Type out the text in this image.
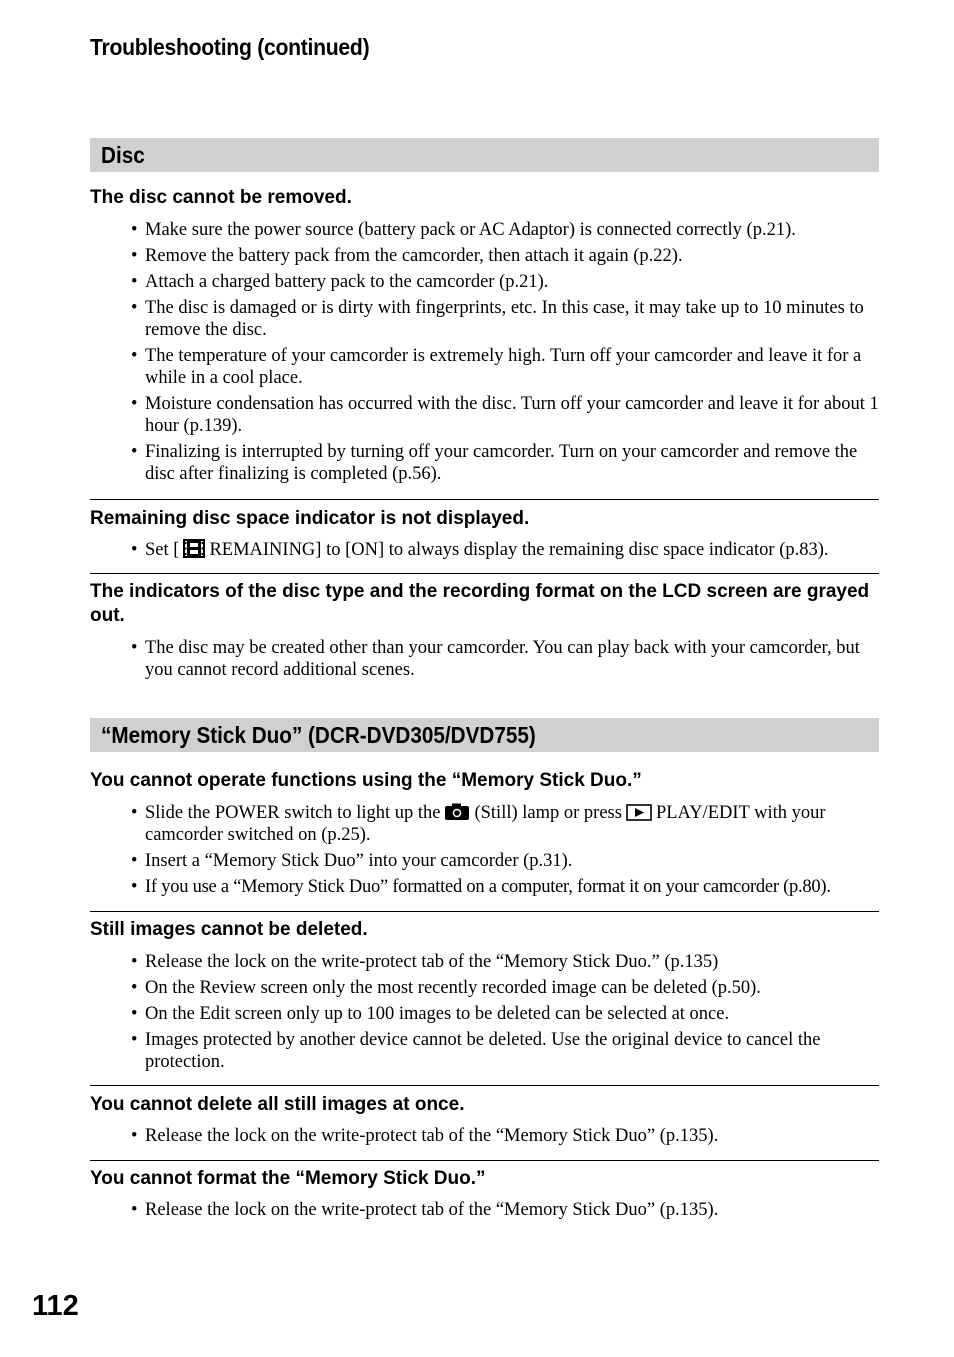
Troubleshooting (continued)
Disc
The disc cannot be removed.
• Make sure the power source (battery pack or AC Adaptor) is connected correctly (p.21).
• Remove the battery pack from the camcorder, then attach it again (p.22).
• Attach a charged battery pack to the camcorder (p.21).
• The disc is damaged or is dirty with fingerprints, etc. In this case, it may take up to 10 minutes to remove the disc.
• The temperature of your camcorder is extremely high. Turn off your camcorder and leave it for a while in a cool place.
• Moisture condensation has occurred with the disc. Turn off your camcorder and leave it for about 1 hour (p.139).
• Finalizing is interrupted by turning off your camcorder. Turn on your camcorder and remove the disc after finalizing is completed (p.56).
Remaining disc space indicator is not displayed.
• Set [ REMAINING] to [ON] to always display the remaining disc space indicator (p.83).
The indicators of the disc type and the recording format on the LCD screen are grayed out.
• The disc may be created other than your camcorder. You can play back with your camcorder, but you cannot record additional scenes.
“Memory Stick Duo” (DCR-DVD305/DVD755)
You cannot operate functions using the “Memory Stick Duo.”
• Slide the POWER switch to light up the (Still) lamp or press PLAY/EDIT with your camcorder switched on (p.25).
• Insert a “Memory Stick Duo” into your camcorder (p.31).
• If you use a “Memory Stick Duo” formatted on a computer, format it on your camcorder (p.80).
Still images cannot be deleted.
• Release the lock on the write-protect tab of the “Memory Stick Duo.” (p.135)
• On the Review screen only the most recently recorded image can be deleted (p.50).
• On the Edit screen only up to 100 images to be deleted can be selected at once.
• Images protected by another device cannot be deleted. Use the original device to cancel the protection.
You cannot delete all still images at once.
• Release the lock on the write-protect tab of the “Memory Stick Duo” (p.135).
You cannot format the “Memory Stick Duo.”
• Release the lock on the write-protect tab of the “Memory Stick Duo” (p.135).
112
